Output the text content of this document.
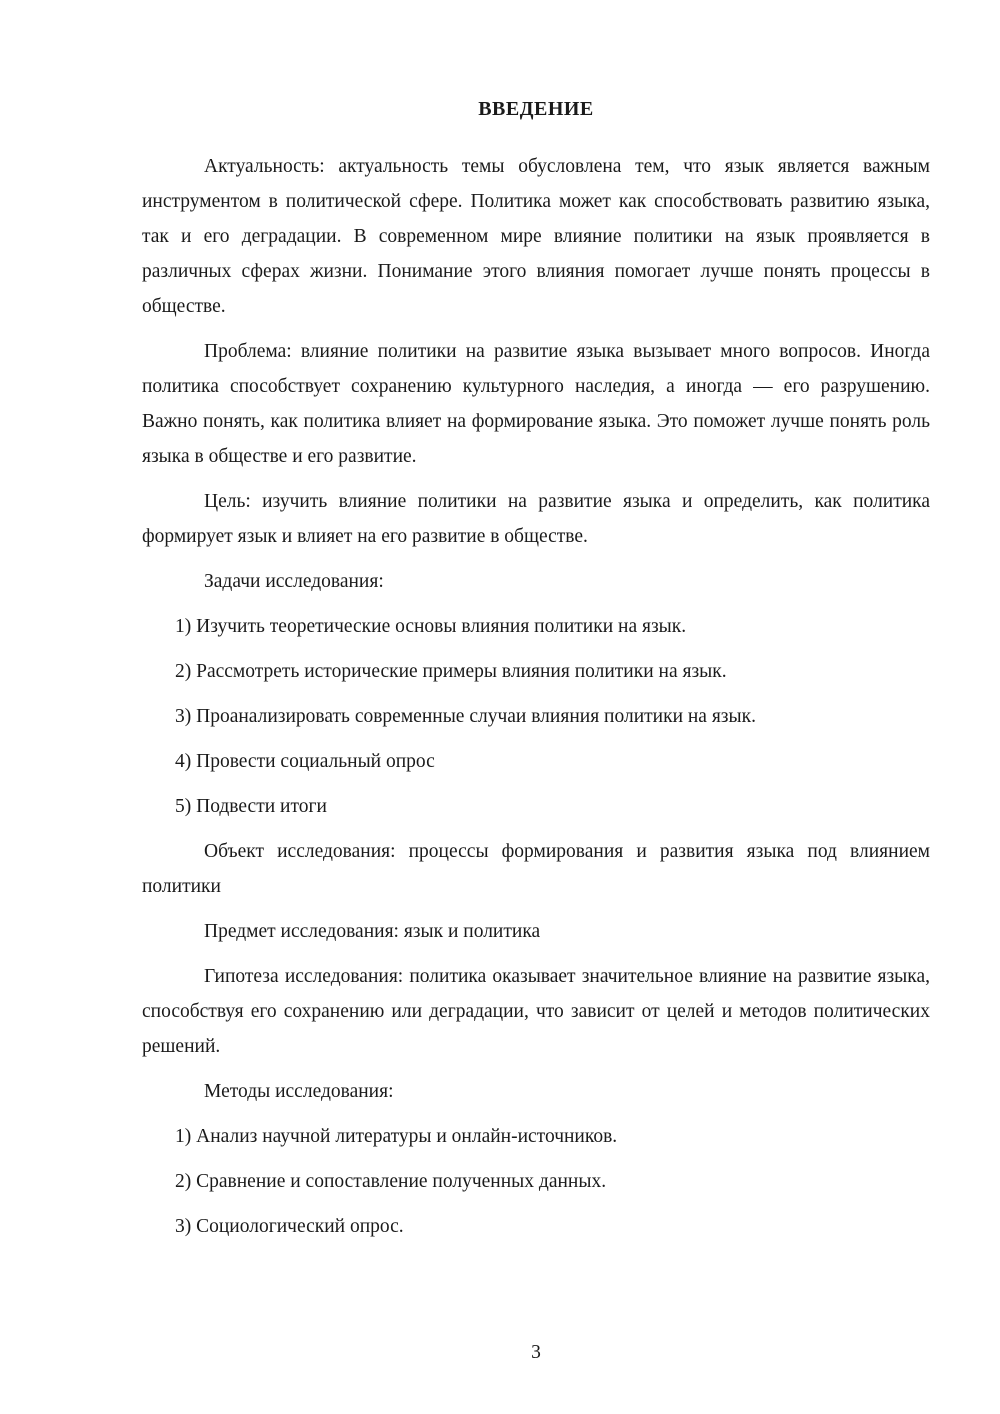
ВВЕДЕНИЕ

Актуальность: актуальность темы обусловлена тем, что язык является важным инструментом в политической сфере. Политика может как способствовать развитию языка, так и его деградации. В современном мире влияние политики на язык проявляется в различных сферах жизни. Понимание этого влияния помогает лучше понять процессы в обществе.

Проблема: влияние политики на развитие языка вызывает много вопросов. Иногда политика способствует сохранению культурного наследия, а иногда — его разрушению. Важно понять, как политика влияет на формирование языка. Это поможет лучше понять роль языка в обществе и его развитие.

Цель: изучить влияние политики на развитие языка и определить, как политика формирует язык и влияет на его развитие в обществе.

Задачи исследования:

1) Изучить теоретические основы влияния политики на язык.

2) Рассмотреть исторические примеры влияния политики на язык.

3) Проанализировать современные случаи влияния политики на язык.

4) Провести социальный опрос

5) Подвести итоги

Объект исследования: процессы формирования и развития языка под влиянием политики

Предмет исследования: язык и политика

Гипотеза исследования: политика оказывает значительное влияние на развитие языка, способствуя его сохранению или деградации, что зависит от целей и методов политических решений.

Методы исследования:

1) Анализ научной литературы и онлайн-источников.

2) Сравнение и сопоставление полученных данных.

3) Социологический опрос.

3
